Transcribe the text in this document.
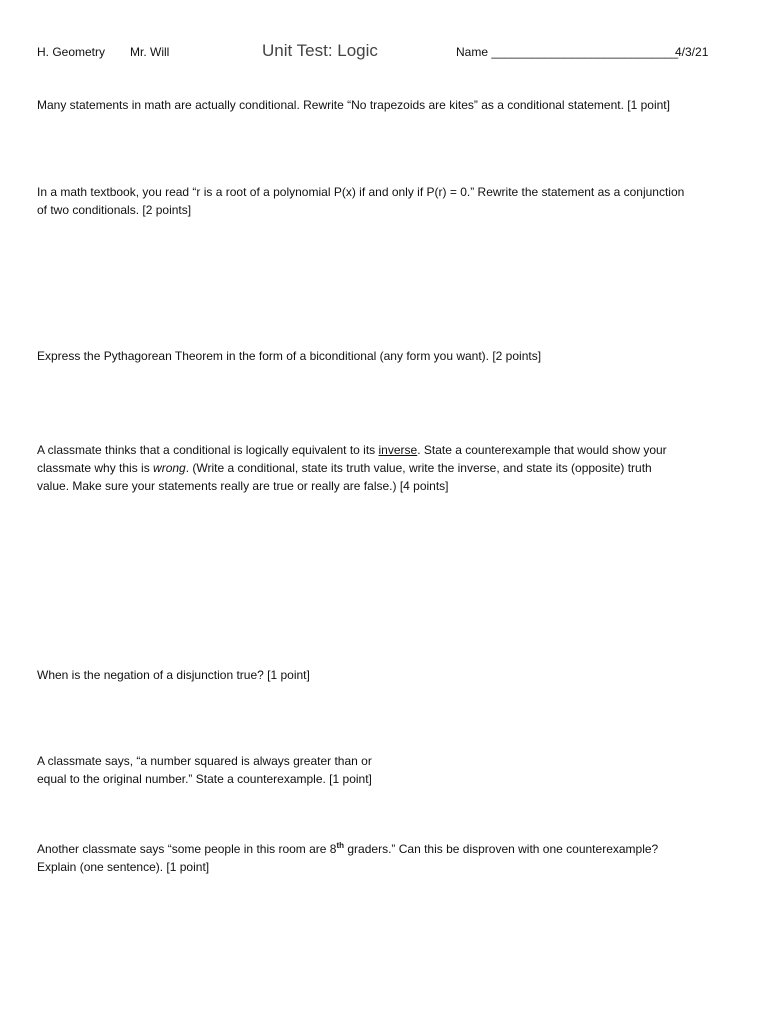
H. Geometry Mr. Will	Unit Test: Logic	Name ____________________________
4/3/21
Many statements in math are actually conditional. Rewrite “No trapezoids are kites” as a conditional statement. [1 point]
In a math textbook, you read “r is a root of a polynomial P(x) if and only if P(r) = 0.” Rewrite the statement as a conjunction
of two conditionals. [2 points]
Express the Pythagorean Theorem in the form of a biconditional (any form you want). [2 points]
A classmate thinks that a conditional is logically equivalent to its inverse. State a counterexample that would show your
classmate why this is wrong. (Write a conditional, state its truth value, write the inverse, and state its (opposite) truth
value. Make sure your statements really are true or really are false.) [4 points]
When is the negation of a disjunction true? [1 point]
A classmate says, “a number squared is always greater than or
equal to the original number.” State a counterexample. [1 point]
Another classmate says “some people in this room are 8th graders.” Can this be disproven with one counterexample?
Explain (one sentence). [1 point]
